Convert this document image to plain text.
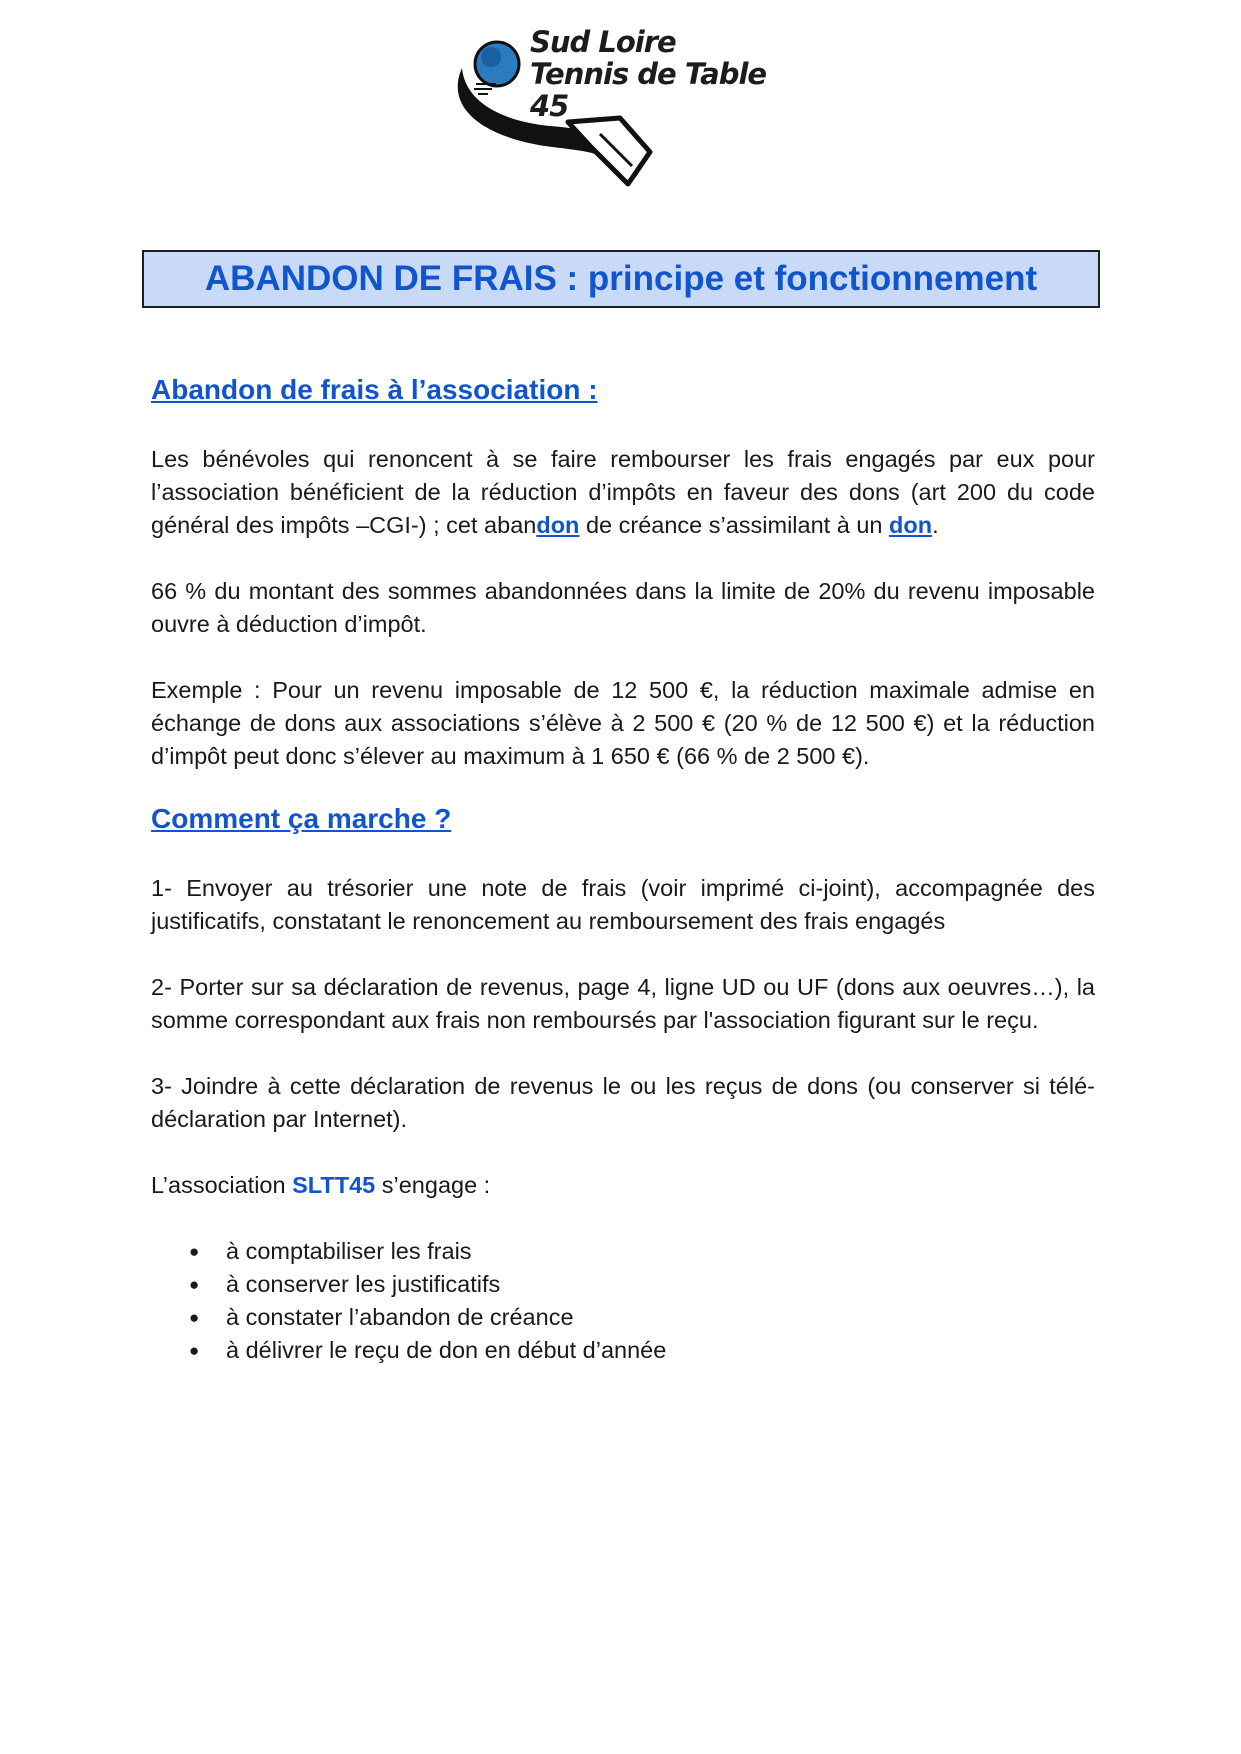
Sud Loire
Tennis de Table
45
ABANDON DE FRAIS : principe et fonctionnement
Abandon de frais à l’association :

Les bénévoles qui renoncent à se faire rembourser les frais engagés par eux pour l’association bénéficient de la réduction d’impôts en faveur des dons (art 200 du code général des impôts –CGI-) ; cet abandon de créance s’assimilant à un don.

66 % du montant des sommes abandonnées dans la limite de 20% du revenu imposable ouvre à déduction d’impôt.

Exemple : Pour un revenu imposable de 12 500 €, la réduction maximale admise en échange de dons aux associations s’élève à 2 500 € (20 % de 12 500 €) et la réduction d’impôt peut donc s’élever au maximum à 1 650 € (66 % de 2 500 €).

Comment ça marche ?

1- Envoyer au trésorier une note de frais (voir imprimé ci-joint), accompagnée des justificatifs, constatant le renoncement au remboursement des frais engagés

2- Porter sur sa déclaration de revenus, page 4, ligne UD ou UF (dons aux oeuvres…), la somme correspondant aux frais non remboursés par l'association figurant sur le reçu.

3- Joindre à cette déclaration de revenus le ou les reçus de dons (ou conserver si télé-déclaration par Internet).

L’association SLTT45 s’engage :

● à comptabiliser les frais
● à conserver les justificatifs
● à constater l’abandon de créance
● à délivrer le reçu de don en début d’année
